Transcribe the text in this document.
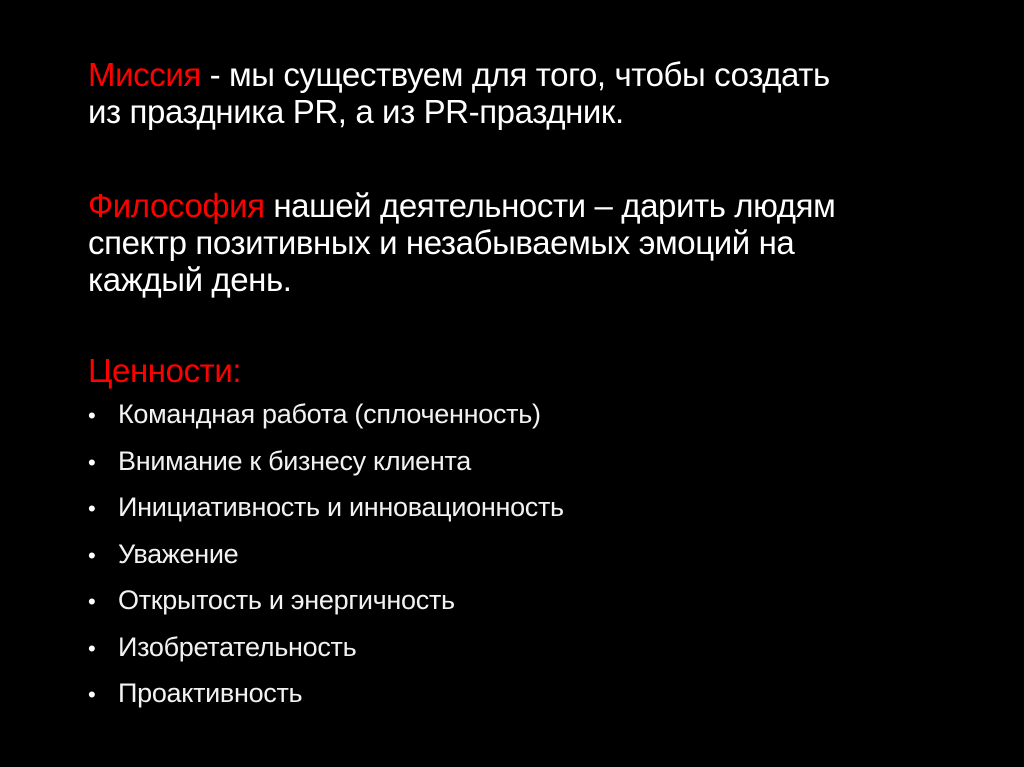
Миссия - мы существуем для того, чтобы создать
из праздника PR, а из PR-праздник.

Философия нашей деятельности – дарить людям
спектр позитивных и незабываемых эмоций на
каждый день.

Ценности:
• Командная работа (сплоченность)
• Внимание к бизнесу клиента
• Инициативность и инновационность
• Уважение
• Открытость и энергичность
• Изобретательность
• Проактивность
